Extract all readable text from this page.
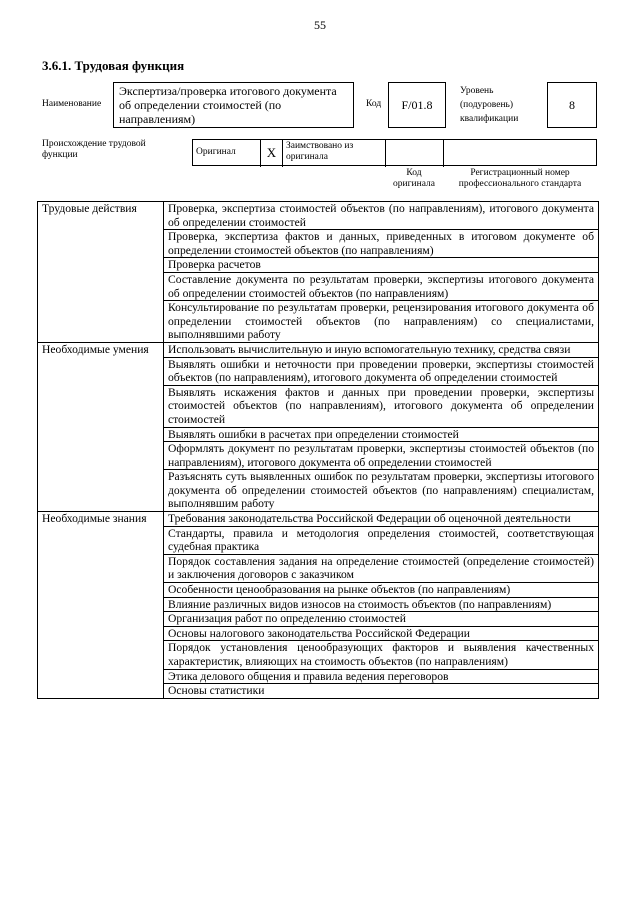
55
3.6.1. Трудовая функция
Наименование
Экспертиза/проверка итогового документа об определении стоимостей (по направлениям)
Код	F/01.8
Уровень (подуровень) квалификации
8
Происхождение трудовой функции	Оригинал	X	Заимствовано из оригинала
Код оригинала
Регистрационный номер профессионального стандарта
Трудовые действия	Проверка, экспертиза стоимостей объектов (по направлениям), итогового документа об определении стоимостей
	Проверка, экспертиза фактов и данных, приведенных в итоговом документе об определении стоимостей объектов (по направлениям)
	Проверка расчетов
	Составление документа по результатам проверки, экспертизы итогового документа об определении стоимостей объектов (по направлениям)
	Консультирование по результатам проверки, рецензирования итогового документа об определении стоимостей объектов (по направлениям) со специалистами, выполнявшими работу
Необходимые умения	Использовать вычислительную и иную вспомогательную технику, средства связи
	Выявлять ошибки и неточности при проведении проверки, экспертизы стоимостей объектов (по направлениям), итогового документа об определении стоимостей
	Выявлять искажения фактов и данных при проведении проверки, экспертизы стоимостей объектов (по направлениям), итогового документа об определении стоимостей
	Выявлять ошибки в расчетах при определении стоимостей
	Оформлять документ по результатам проверки, экспертизы стоимостей объектов (по направлениям), итогового документа об определении стоимостей
	Разъяснять суть выявленных ошибок по результатам проверки, экспертизы итогового документа об определении стоимостей объектов (по направлениям) специалистам, выполнявшим работу
Необходимые знания	Требования законодательства Российской Федерации об оценочной деятельности
	Стандарты, правила и методология определения стоимостей, соответствующая судебная практика
	Порядок составления задания на определение стоимостей (определение стоимостей) и заключения договоров с заказчиком
	Особенности ценообразования на рынке объектов (по направлениям)
	Влияние различных видов износов на стоимость объектов (по направлениям)
	Организация работ по определению стоимостей
	Основы налогового законодательства Российской Федерации
	Порядок установления ценообразующих факторов и выявления качественных характеристик, влияющих на стоимость объектов (по направлениям)
	Этика делового общения и правила ведения переговоров
	Основы статистики
